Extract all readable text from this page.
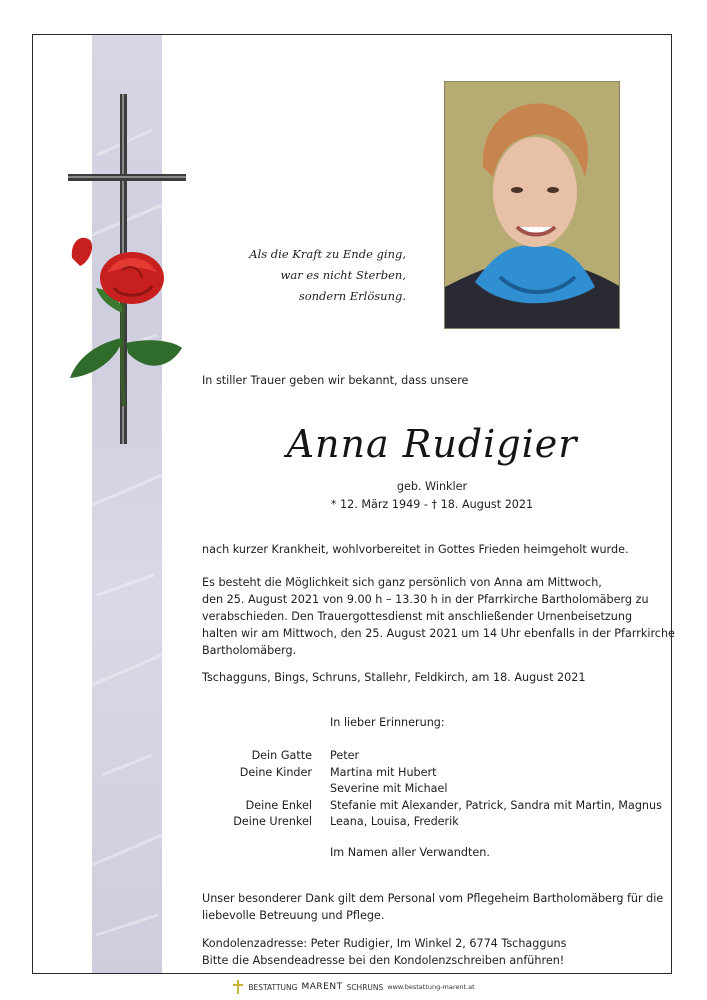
Als die Kraft zu Ende ging,
war es nicht Sterben,
sondern Erlösung.
In stiller Trauer geben wir bekannt, dass unsere
Anna Rudigier
geb. Winkler
* 12. März 1949 - † 18. August 2021
nach kurzer Krankheit, wohlvorbereitet in Gottes Frieden heimgeholt wurde.
Es besteht die Möglichkeit sich ganz persönlich von Anna am Mittwoch,
den 25. August 2021 von 9.00 h – 13.30 h in der Pfarrkirche Bartholomäberg zu
verabschieden. Den Trauergottesdienst mit anschließender Urnenbeisetzung
halten wir am Mittwoch, den 25. August 2021 um 14 Uhr ebenfalls in der Pfarrkirche
Bartholomäberg.
Tschagguns, Bings, Schruns, Stallehr, Feldkirch, am 18. August 2021
In lieber Erinnerung:
Dein Gatte
Deine Kinder
Deine Enkel
Deine Urenkel
Peter
Martina mit Hubert
Severine mit Michael
Stefanie mit Alexander, Patrick, Sandra mit Martin, Magnus
Leana, Louisa, Frederik
Im Namen aller Verwandten.
Unser besonderer Dank gilt dem Personal vom Pflegeheim Bartholomäberg für die
liebevolle Betreuung und Pflege.
Kondolenzadresse: Peter Rudigier, Im Winkel 2, 6774 Tschagguns
Bitte die Absendeadresse bei den Kondolenzschreiben anführen!
BESTATTUNG MARENT SCHRUNS www.bestattung-marent.at
